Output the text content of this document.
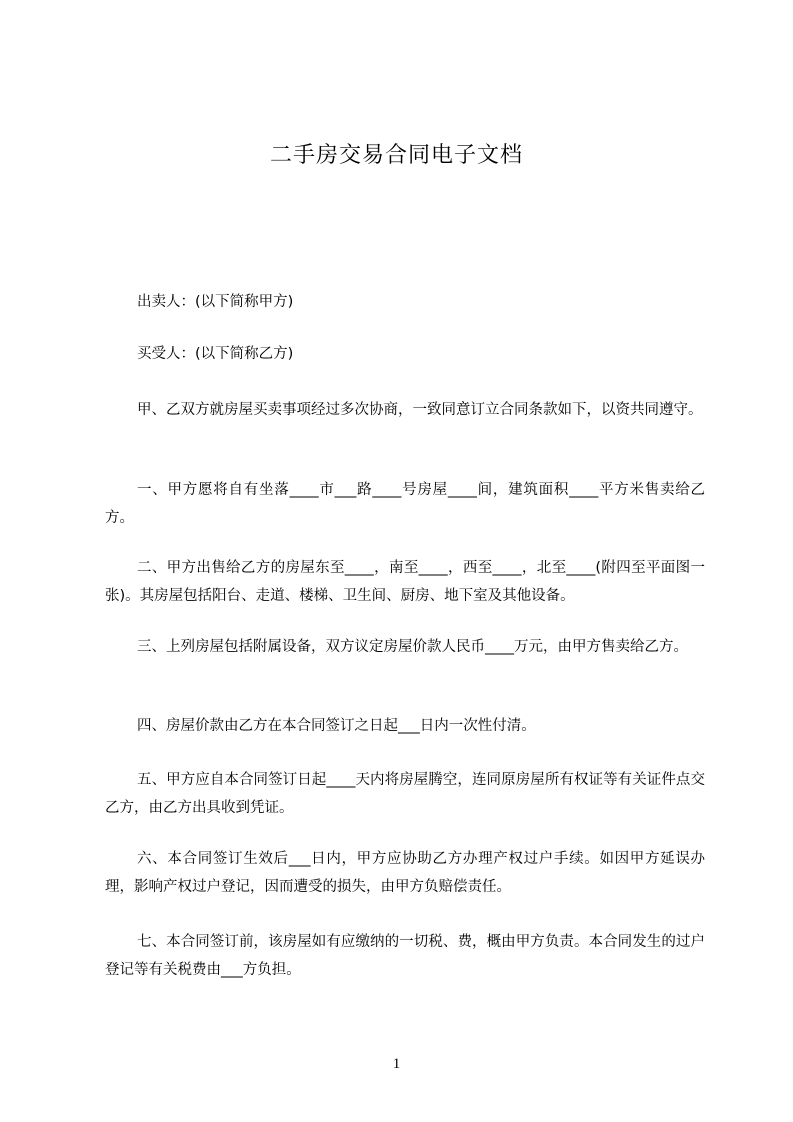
二手房交易合同电子文档
出卖人：(以下简称甲方)
买受人：(以下简称乙方)
甲、乙双方就房屋买卖事项经过多次协商，一致同意订立合同条款如下，以资共同遵守。
一、甲方愿将自有坐落____市___路____号房屋____间，建筑面积____平方米售卖给乙方。
二、甲方出售给乙方的房屋东至____，南至____，西至____，北至____(附四至平面图一张)。其房屋包括阳台、走道、楼梯、卫生间、厨房、地下室及其他设备。
三、上列房屋包括附属设备，双方议定房屋价款人民币____万元，由甲方售卖给乙方。
四、房屋价款由乙方在本合同签订之日起___日内一次性付清。
五、甲方应自本合同签订日起____天内将房屋腾空，连同原房屋所有权证等有关证件点交乙方，由乙方出具收到凭证。
六、本合同签订生效后___日内，甲方应协助乙方办理产权过户手续。如因甲方延误办理，影响产权过户登记，因而遭受的损失，由甲方负赔偿责任。
七、本合同签订前，该房屋如有应缴纳的一切税、费，概由甲方负责。本合同发生的过户登记等有关税费由___方负担。
1
